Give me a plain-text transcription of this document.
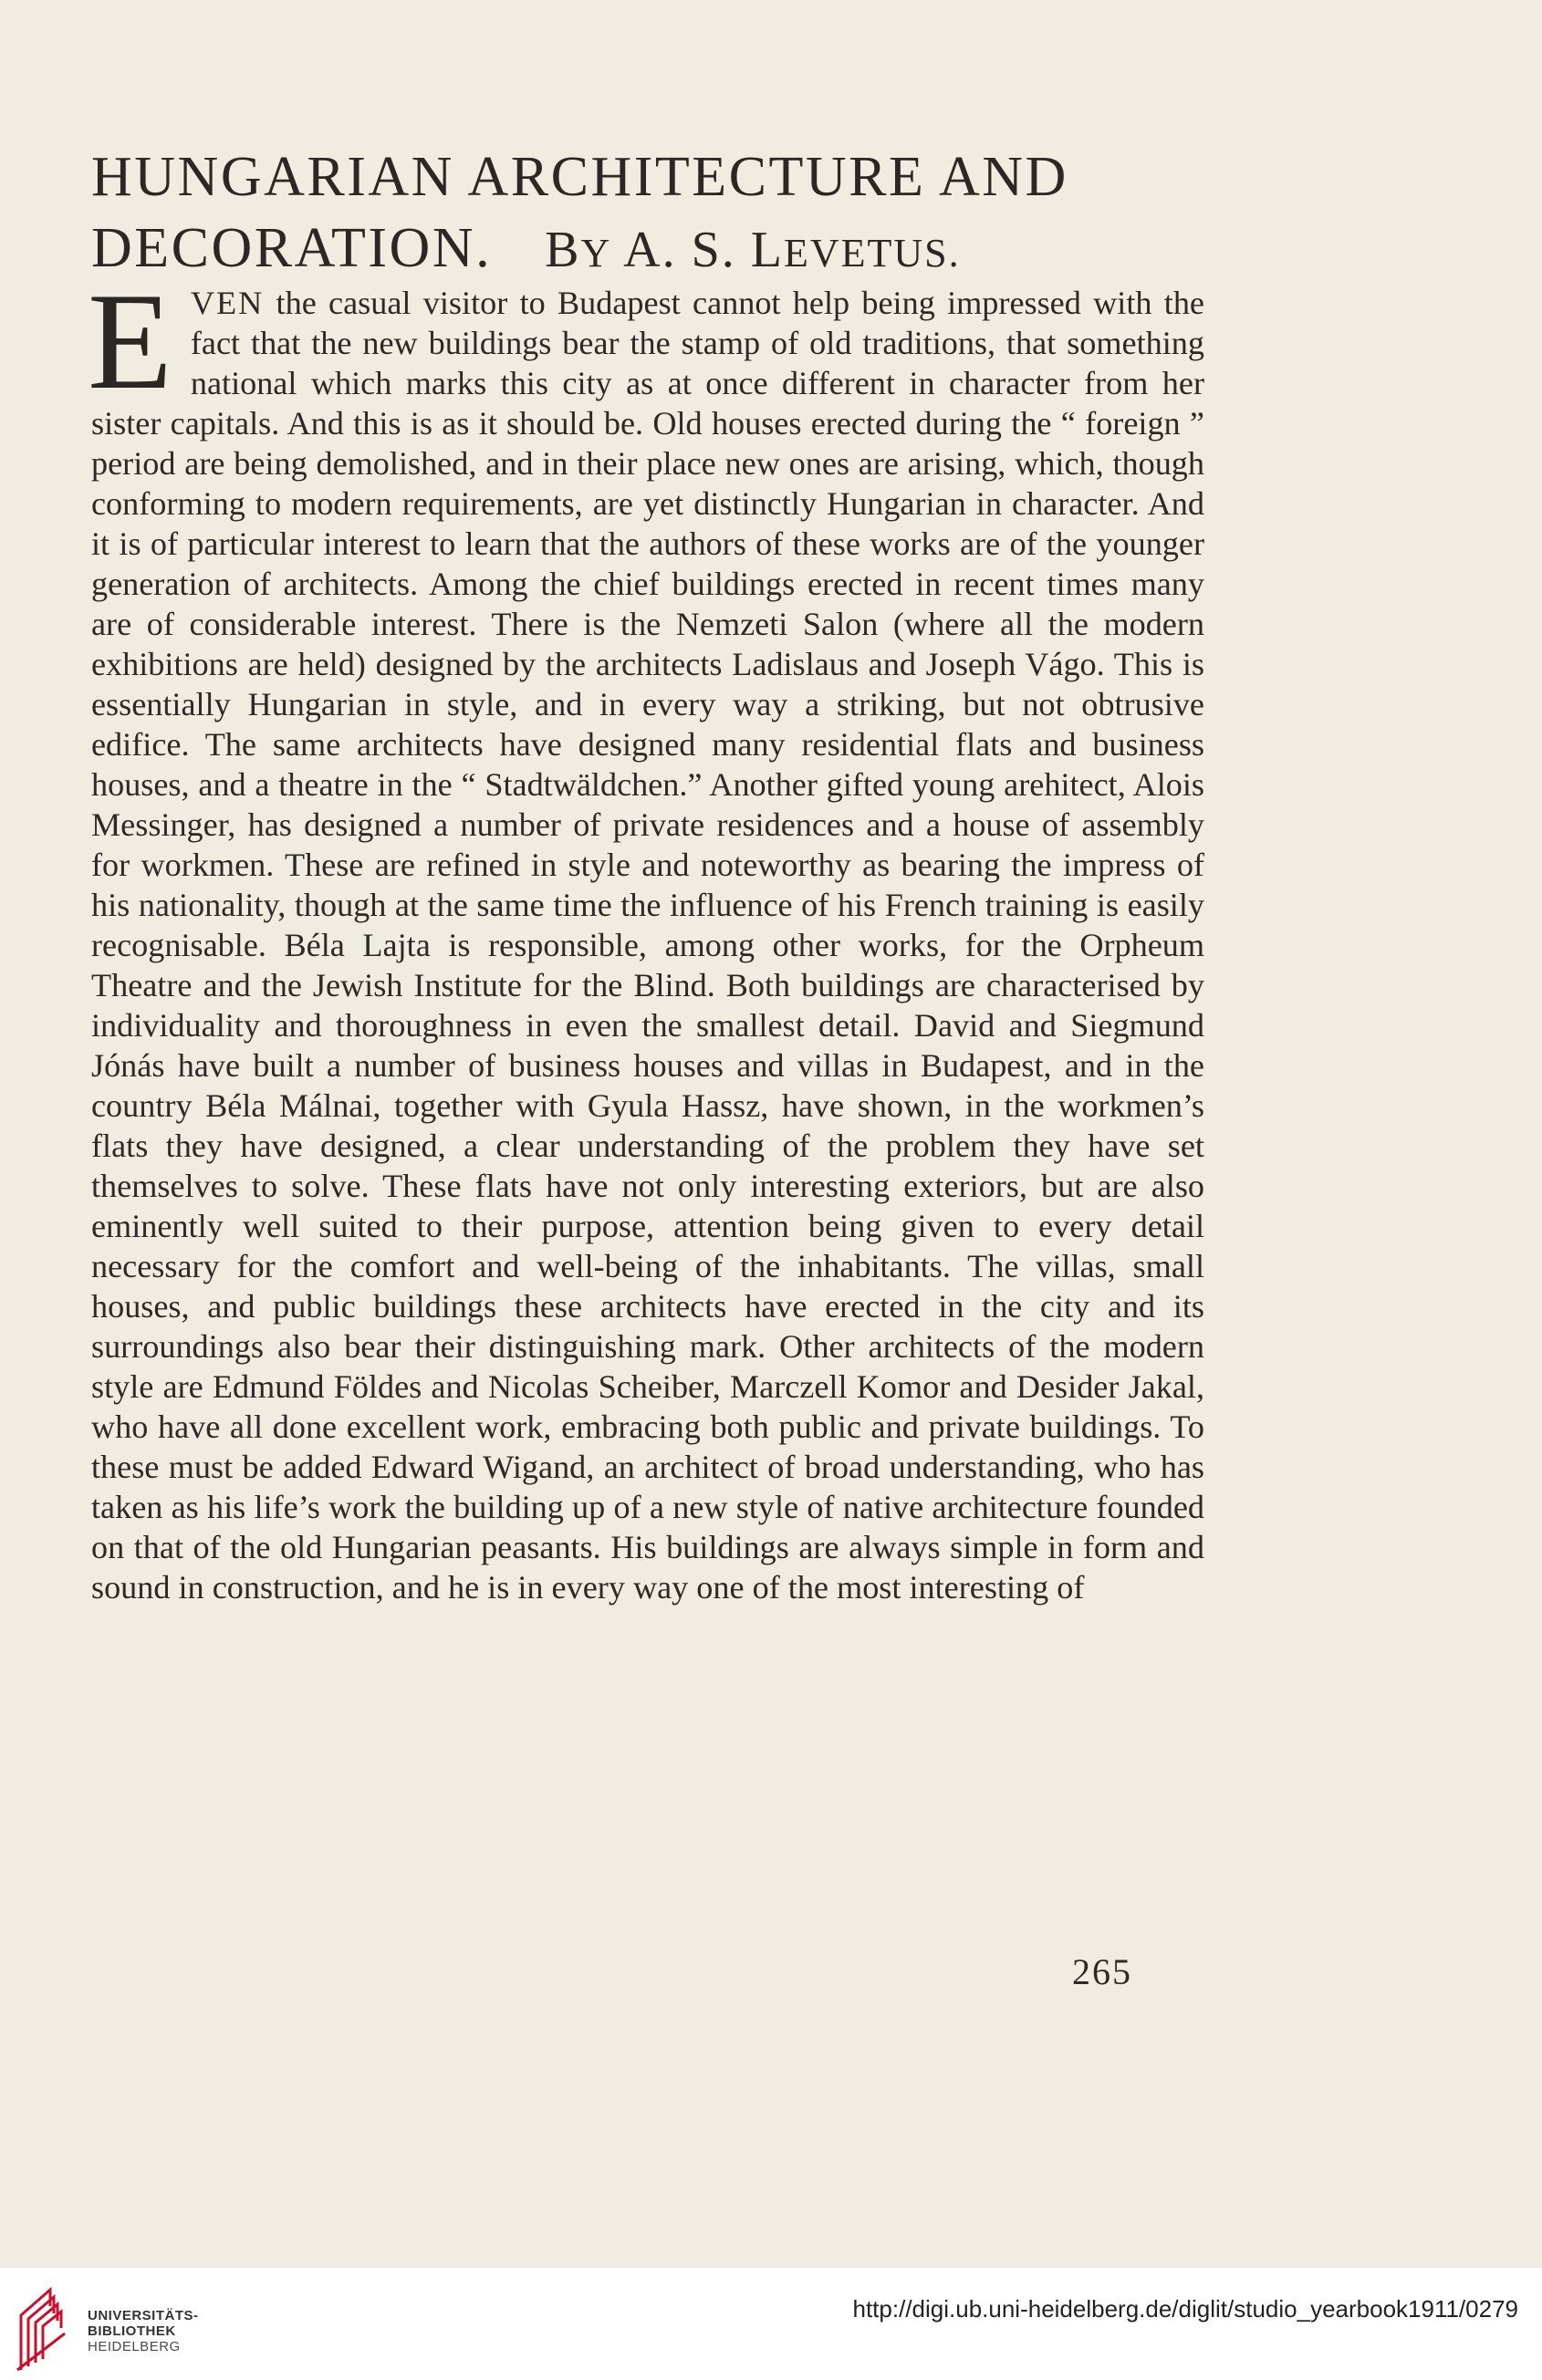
HUNGARIAN ARCHITECTURE AND
DECORATION. BY A. S. LEVETUS.

EVEN the casual visitor to Budapest cannot help being impressed with the fact that the new buildings bear the stamp of old traditions, that something national which marks this city as at once different in character from her sister capitals. And this is as it should be. Old houses erected during the “ foreign ” period are being demolished, and in their place new ones are arising, which, though conforming to modern requirements, are yet distinctly Hungarian in character. And it is of particular interest to learn that the authors of these works are of the younger generation of architects. Among the chief buildings erected in recent times many are of considerable interest. There is the Nemzeti Salon (where all the modern exhibitions are held) designed by the architects Ladislaus and Joseph Vágo. This is essentially Hungarian in style, and in every way a striking, but not obtrusive edifice. The same architects have designed many residential flats and business houses, and a theatre in the “ Stadtwäldchen.” Another gifted young arehitect, Alois Messinger, has designed a number of private residences and a house of assembly for workmen. These are refined in style and noteworthy as bearing the impress of his nationality, though at the same time the influence of his French training is easily recognisable. Béla Lajta is responsible, among other works, for the Orpheum Theatre and the Jewish Institute for the Blind. Both buildings are characterised by individuality and thoroughness in even the smallest detail. David and Siegmund Jónás have built a number of business houses and villas in Budapest, and in the country Béla Málnai, together with Gyula Hassz, have shown, in the workmen’s flats they have designed, a clear understanding of the problem they have set themselves to solve. These flats have not only interesting exteriors, but are also eminently well suited to their purpose, attention being given to every detail necessary for the comfort and well-being of the inhabitants. The villas, small houses, and public buildings these architects have erected in the city and its surroundings also bear their distinguishing mark. Other architects of the modern style are Edmund Földes and Nicolas Scheiber, Marczell Komor and Desider Jakal, who have all done excellent work, embracing both public and private buildings. To these must be added Edward Wigand, an architect of broad understanding, who has taken as his life’s work the building up of a new style of native architecture founded on that of the old Hungarian peasants. His buildings are always simple in form and sound in construction, and he is in every way one of the most interesting of

265
UNIVERSITÄTS-
BIBLIOTHEK
HEIDELBERG
http://digi.ub.uni-heidelberg.de/diglit/studio_yearbook1911/0279
